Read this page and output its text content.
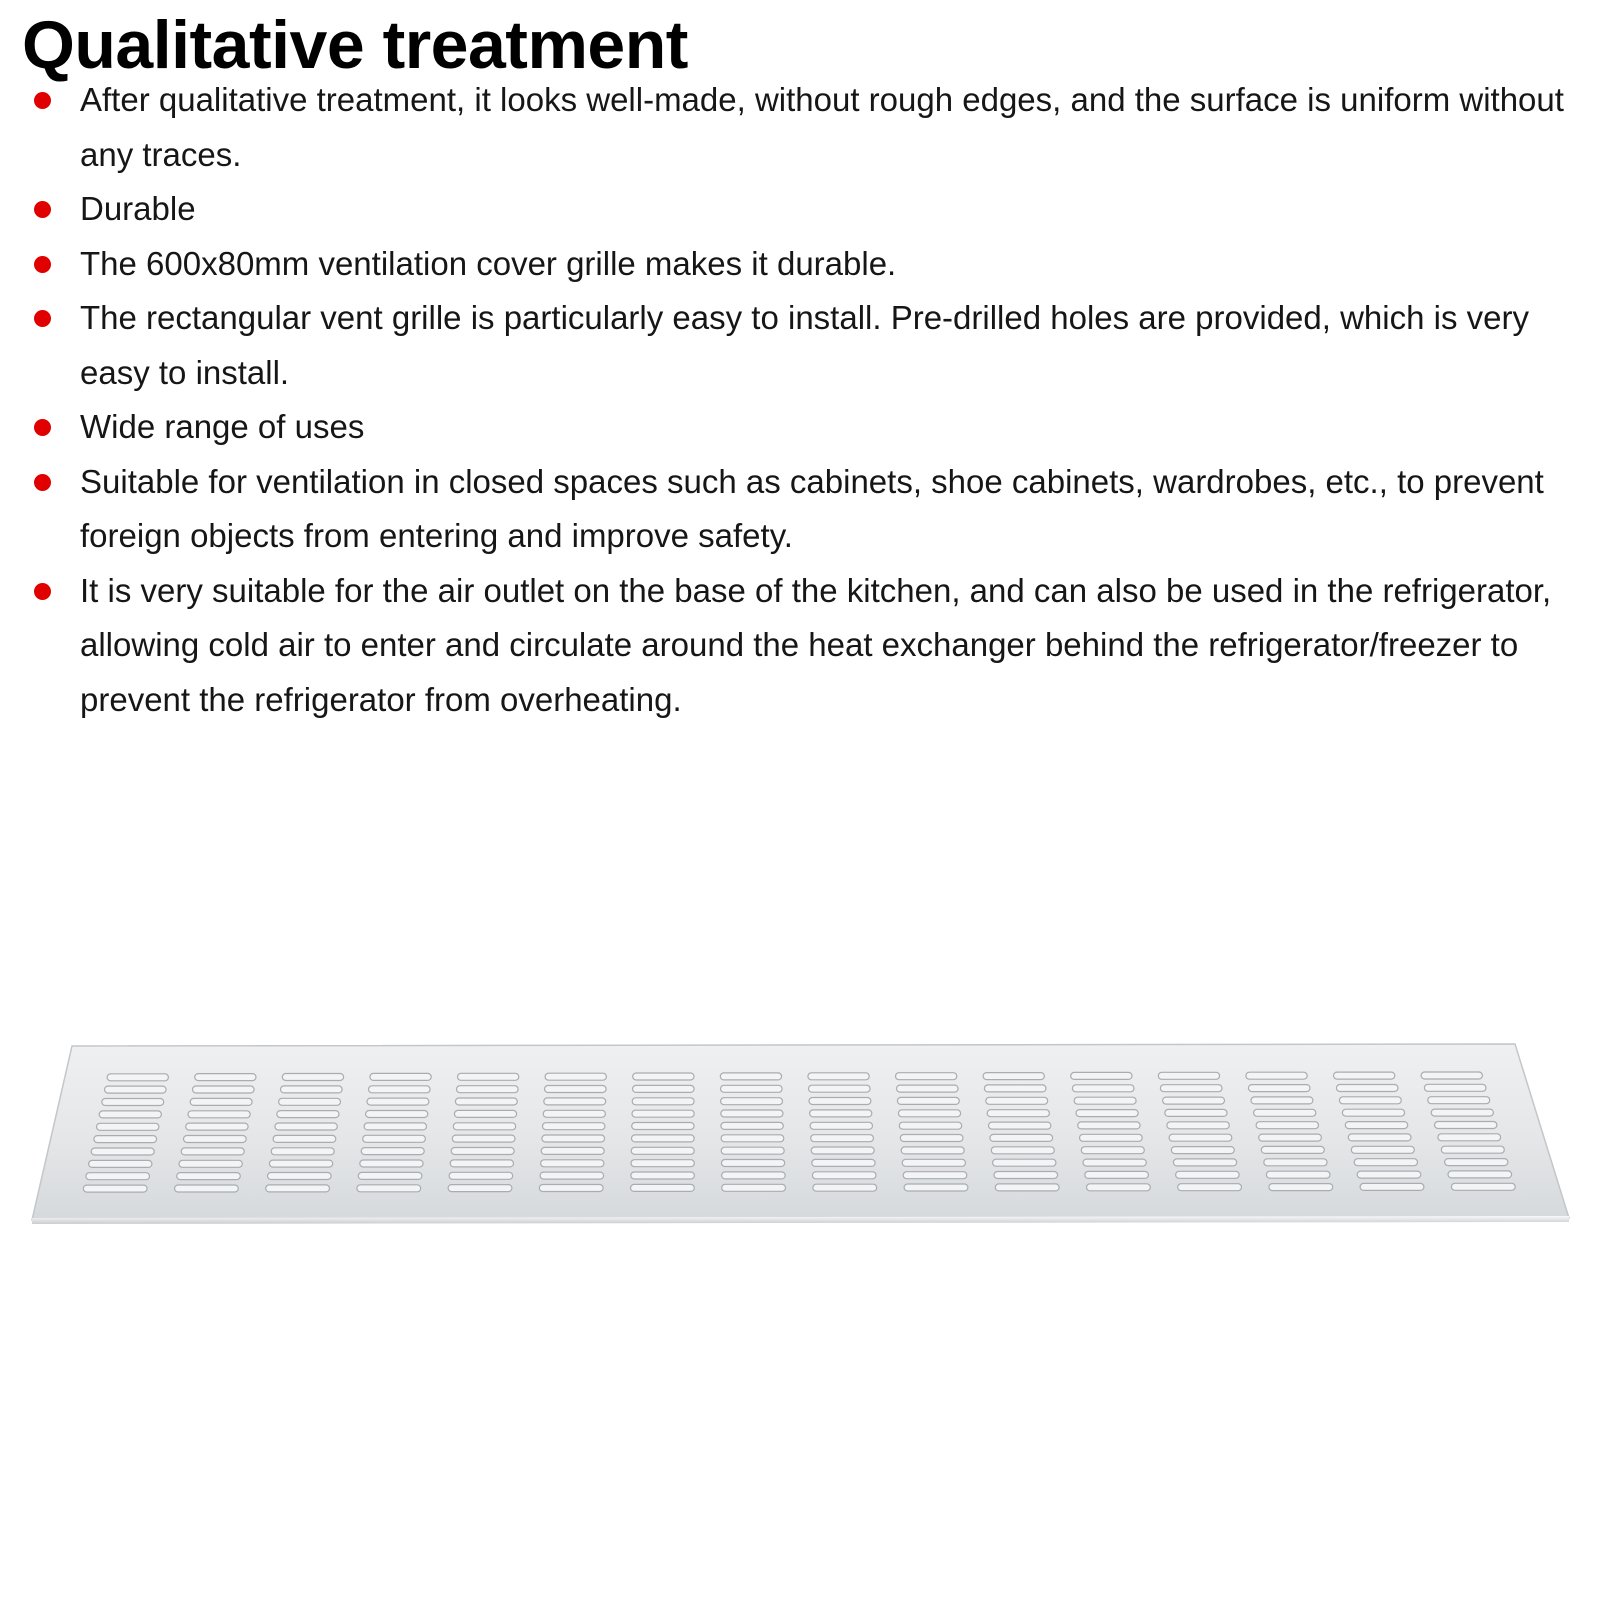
Qualitative treatment
After qualitative treatment, it looks well-made, without rough edges, and the surface is uniform without any traces.
Durable
The 600x80mm ventilation cover grille makes it durable.
The rectangular vent grille is particularly easy to install. Pre-drilled holes are provided, which is very easy to install.
Wide range of uses
Suitable for ventilation in closed spaces such as cabinets, shoe cabinets, wardrobes, etc., to prevent foreign objects from entering and improve safety.
It is very suitable for the air outlet on the base of the kitchen, and can also be used in the refrigerator, allowing cold air to enter and circulate around the heat exchanger behind the refrigerator/freezer to prevent the refrigerator from overheating.
